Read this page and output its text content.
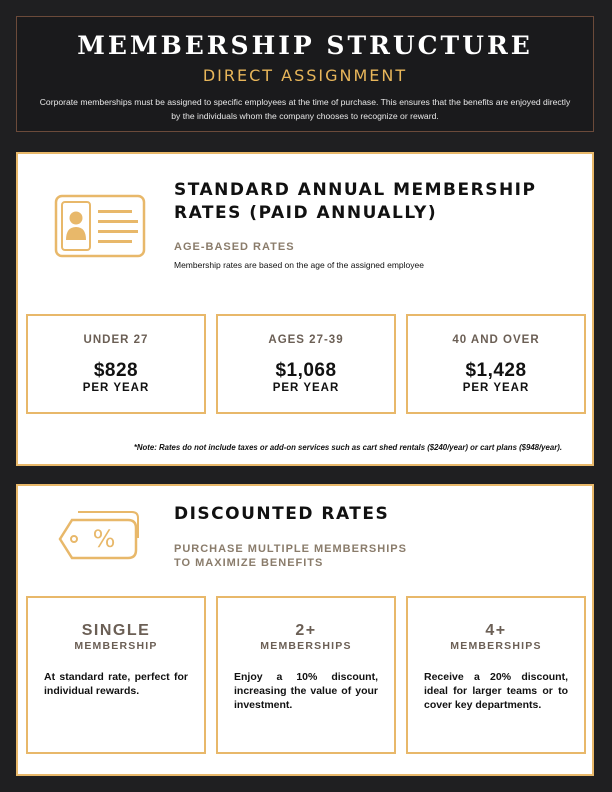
MEMBERSHIP STRUCTURE
DIRECT ASSIGNMENT
Corporate memberships must be assigned to specific employees at the time of purchase. This ensures that the benefits are enjoyed directly by the individuals whom the company chooses to recognize or reward.
STANDARD ANNUAL MEMBERSHIP
RATES (PAID ANNUALLY)
AGE-BASED RATES
Membership rates are based on the age of the assigned employee
UNDER 27
$828
PER YEAR
AGES 27-39
$1,068
PER YEAR
40 AND OVER
$1,428
PER YEAR
*Note: Rates do not include taxes or add-on services such as cart shed rentals ($240/year) or cart plans ($948/year).
%
DISCOUNTED RATES
PURCHASE MULTIPLE MEMBERSHIPS
TO MAXIMIZE BENEFITS
SINGLE
MEMBERSHIP
At standard rate, perfect for individual rewards.
2+
MEMBERSHIPS
Enjoy a 10% discount, increasing the value of your investment.
4+
MEMBERSHIPS
Receive a 20% discount, ideal for larger teams or to cover key departments.
